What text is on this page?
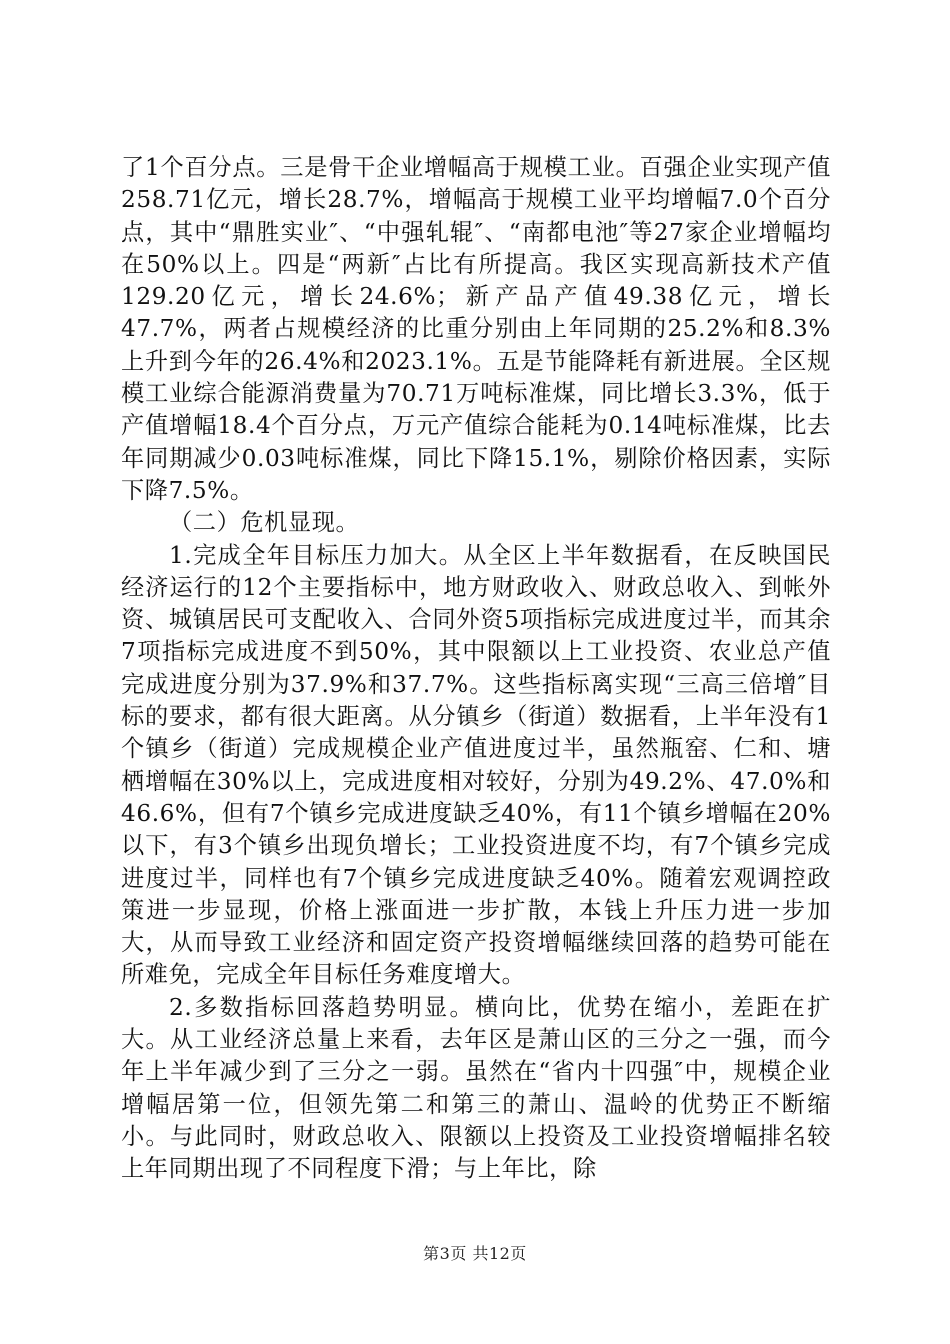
了1个百分点。三是骨干企业增幅高于规模工业。百强企业实现产值258.71亿元，增长28.7%，增幅高于规模工业平均增幅7.0个百分点，其中“鼎胜实业″、“中强轧辊″、“南都电池″等27家企业增幅均在50%以上。四是“两新″占比有所提高。我区实现高新技术产值129.20亿元，增长24.6%；新产品产值49.38亿元，增长47.7%，两者占规模经济的比重分别由上年同期的25.2%和8.3%上升到今年的26.4%和2023.1%。五是节能降耗有新进展。全区规模工业综合能源消费量为70.71万吨标准煤，同比增长3.3%，低于产值增幅18.4个百分点，万元产值综合能耗为0.14吨标准煤，比去年同期减少0.03吨标准煤，同比下降15.1%，剔除价格因素，实际下降7.5%。

（二）危机显现。

1.完成全年目标压力加大。从全区上半年数据看，在反映国民经济运行的12个主要指标中，地方财政收入、财政总收入、到帐外资、城镇居民可支配收入、合同外资5项指标完成进度过半，而其余7项指标完成进度不到50%，其中限额以上工业投资、农业总产值完成进度分别为37.9%和37.7%。这些指标离实现“三高三倍增″目标的要求，都有很大距离。从分镇乡（街道）数据看，上半年没有1个镇乡（街道）完成规模企业产值进度过半，虽然瓶窑、仁和、塘栖增幅在30%以上，完成进度相对较好，分别为49.2%、47.0%和46.6%，但有7个镇乡完成进度缺乏40%，有11个镇乡增幅在20%以下，有3个镇乡出现负增长；工业投资进度不均，有7个镇乡完成进度过半，同样也有7个镇乡完成进度缺乏40%。随着宏观调控政策进一步显现，价格上涨面进一步扩散，本钱上升压力进一步加大，从而导致工业经济和固定资产投资增幅继续回落的趋势可能在所难免，完成全年目标任务难度增大。

2.多数指标回落趋势明显。横向比，优势在缩小，差距在扩大。从工业经济总量上来看，去年区是萧山区的三分之一强，而今年上半年减少到了三分之一弱。虽然在“省内十四强″中，规模企业增幅居第一位，但领先第二和第三的萧山、温岭的优势正不断缩小。与此同时，财政总收入、限额以上投资及工业投资增幅排名较上年同期出现了不同程度下滑；与上年比，除

第3页 共12页
